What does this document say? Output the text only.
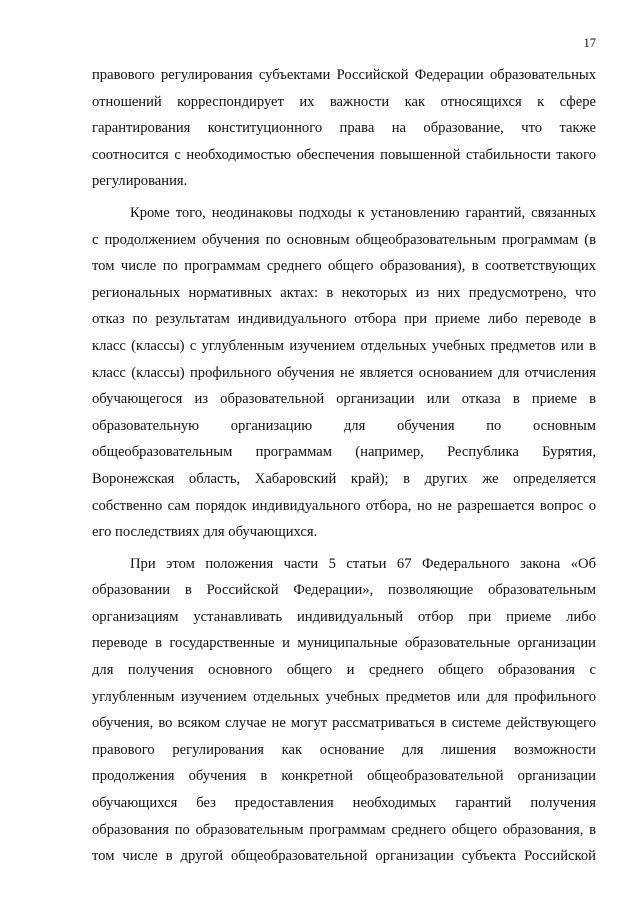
17
правового регулирования субъектами Российской Федерации образовательных
отношений корреспондирует их важности как относящихся к сфере
гарантирования конституционного права на образование, что также
соотносится с необходимостью обеспечения повышенной стабильности такого
регулирования.
Кроме того, неодинаковы подходы к установлению гарантий, связанных
с продолжением обучения по основным общеобразовательным программам (в
том числе по программам среднего общего образования), в соответствующих
региональных нормативных актах: в некоторых из них предусмотрено, что
отказ по результатам индивидуального отбора при приеме либо переводе в
класс (классы) с углубленным изучением отдельных учебных предметов или в
класс (классы) профильного обучения не является основанием для отчисления
обучающегося из образовательной организации или отказа в приеме в
образовательную организацию для обучения по основным
общеобразовательным программам (например, Республика Бурятия,
Воронежская область, Хабаровский край); в других же определяется
собственно сам порядок индивидуального отбора, но не разрешается вопрос о
его последствиях для обучающихся.
При этом положения части 5 статьи 67 Федерального закона «Об
образовании в Российской Федерации», позволяющие образовательным
организациям устанавливать индивидуальный отбор при приеме либо
переводе в государственные и муниципальные образовательные организации
для получения основного общего и среднего общего образования с
углубленным изучением отдельных учебных предметов или для профильного
обучения, во всяком случае не могут рассматриваться в системе действующего
правового регулирования как основание для лишения возможности
продолжения обучения в конкретной общеобразовательной организации
обучающихся без предоставления необходимых гарантий получения
образования по образовательным программам среднего общего образования, в
том числе в другой общеобразовательной организации субъекта Российской
